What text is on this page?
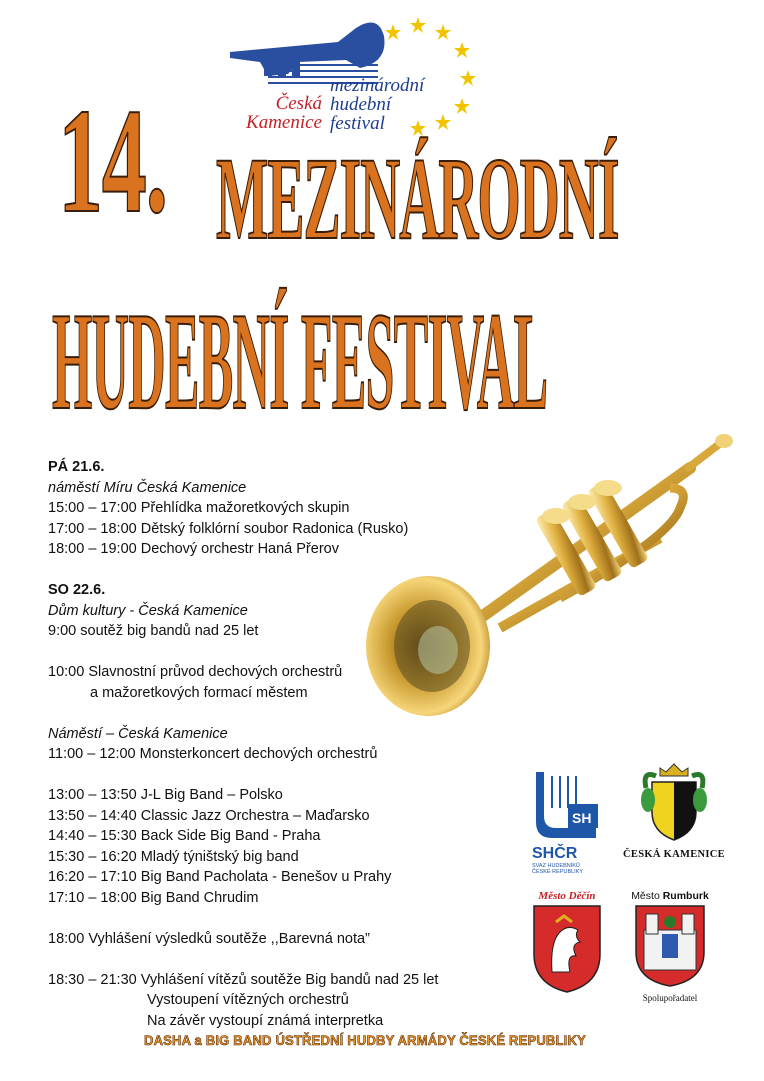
Česká
Kamenice
mezinárodní
hudební
festival
14. MEZINÁRODNÍ
HUDEBNÍ FESTIVAL
PÁ 21.6.
náměstí Míru Česká Kamenice
15:00 – 17:00 Přehlídka mažoretkových skupin
17:00 – 18:00 Dětský folklórní soubor Radonica (Rusko)
18:00 – 19:00 Dechový orchestr Haná Přerov
SO 22.6.
Dům kultury - Česká Kamenice
9:00 soutěž big bandů nad 25 let
10:00 Slavnostní průvod dechových orchestrů
a mažoretkových formací městem
Náměstí – Česká Kamenice
11:00 – 12:00 Monsterkoncert dechových orchestrů
13:00 – 13:50 J-L Big Band – Polsko
13:50 – 14:40 Classic Jazz Orchestra – Maďarsko
14:40 – 15:30 Back Side Big Band - Praha
15:30 – 16:20 Mladý týništský big band
16:20 – 17:10 Big Band Pacholata - Benešov u Prahy
17:10 – 18:00 Big Band Chrudim
18:00 Vyhlášení výsledků soutěže ,,Barevná nota”
18:30 – 21:30 Vyhlášení vítězů soutěže Big bandů nad 25 let
Vystoupení vítězných orchestrů
Na závěr vystoupí známá interpretka
DASHA a BIG BAND ÚSTŘEDNÍ HUDBY ARMÁDY ČESKÉ REPUBLIKY
SH
SHČR
SVAZ HUDEBNÍKŮ
ČESKÉ REPUBLIKY
ČESKÁ KAMENICE
Město Děčín	Město Rumburk
Spolupořadatel
